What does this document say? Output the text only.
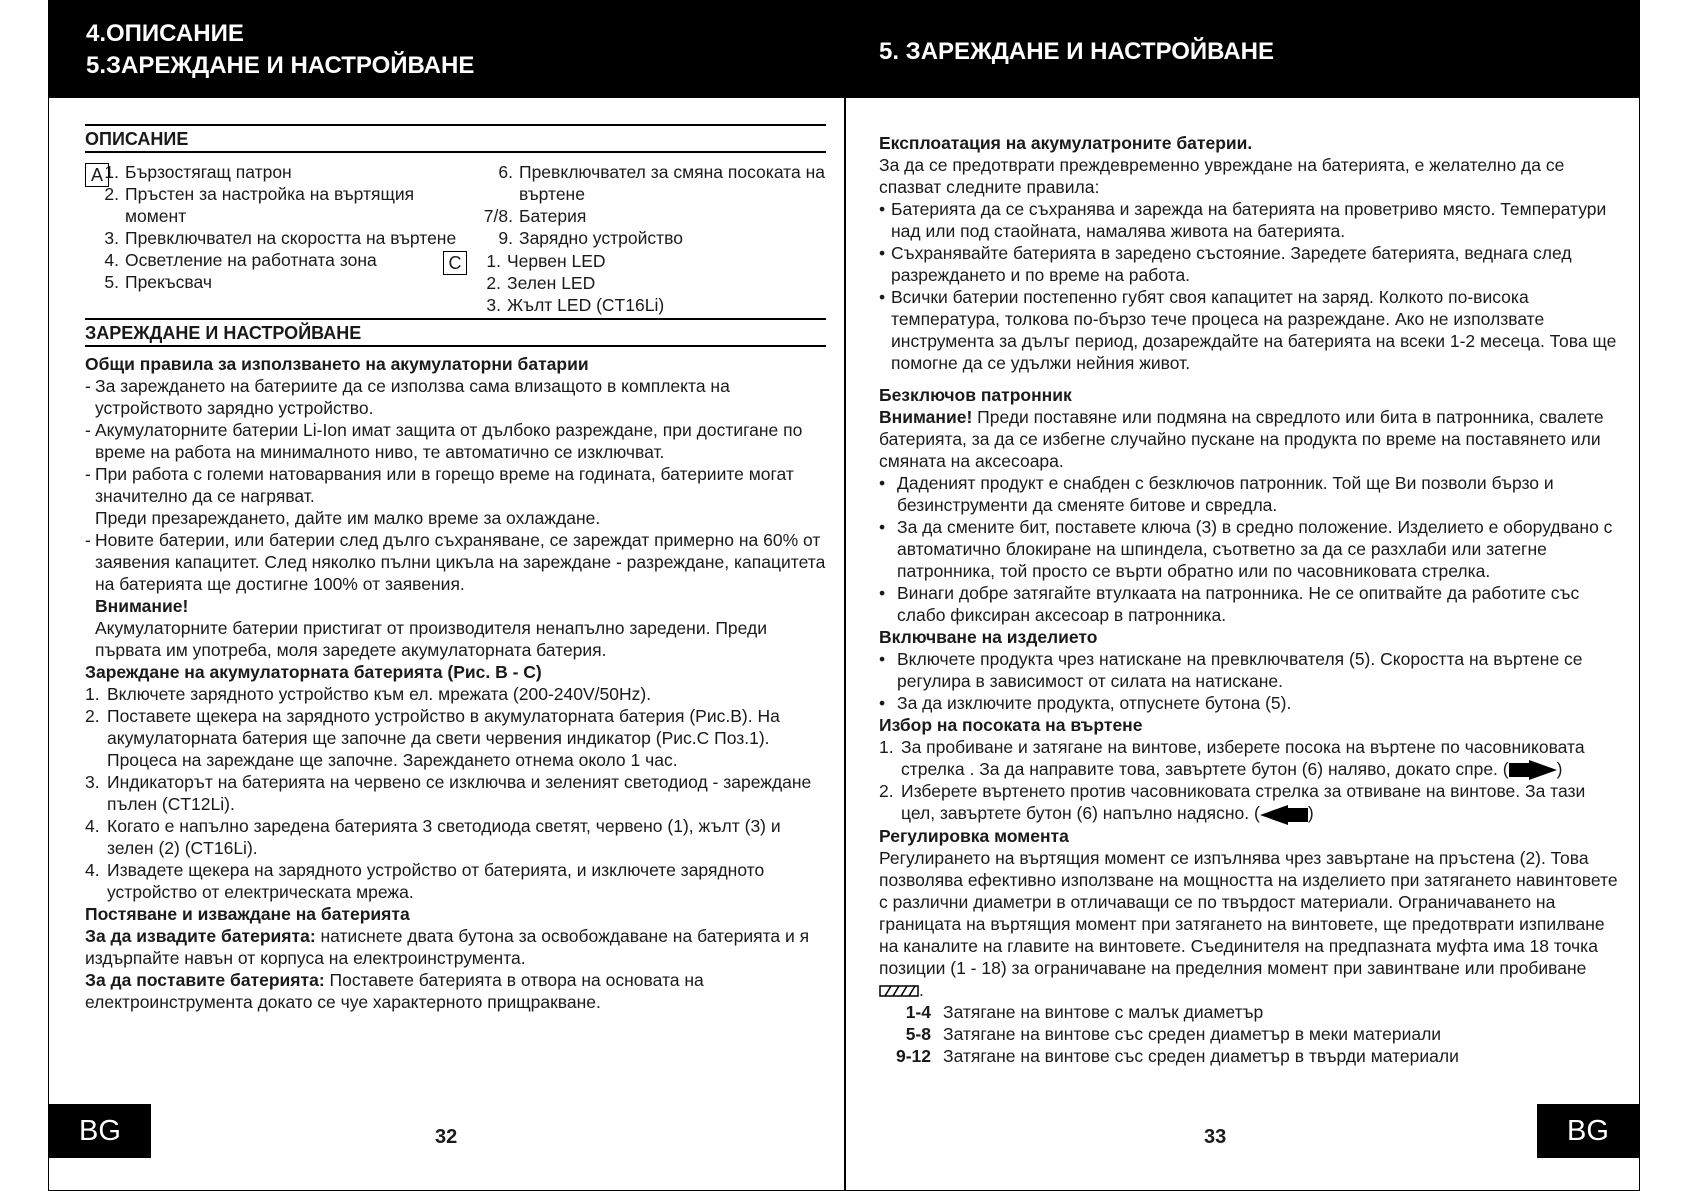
4.ОПИСАНИЕ
5.ЗАРЕЖДАНЕ И НАСТРОЙВАНЕ
ОПИСАНИЕ
A 1. Бързостягащ патрон
2. Пръстен за настройка на въртящия момент
3. Превключвател на скоростта на въртене
4. Осветление на работната зона
5. Прекъсвач
6. Превключвател за смяна посоката на въртене
7/8. Батерия
9. Зарядно устройство
C	1. Червен LED
2. Зелен LED
3. Жълт LED (CT16Li)
ЗАРЕЖДАНЕ И НАСТРОЙВАНЕ
Общи правила за използването на акумулаторни батарии
- За зареждането на батериите да се използва сама влизащото в комплекта на устройството зарядно устройство.
- Акумулаторните батерии Li-Ion имат защита от дълбоко разреждане, при достигане по време на работа на минималното ниво, те автоматично се изключват.
- При работа с големи натоварвания или в горещо време на годината, батериите могат значително да се нагряват.
Преди презареждането, дайте им малко време за охлаждане.
- Новите батерии, или батерии след дълго съхраняване, се зареждат примерно на 60% от заявения капацитет. След няколко пълни цикъла на зареждане - разреждане, капацитета на батерията ще достигне 100% от заявения.
Внимание!
Акумулаторните батерии пристигат от производителя ненапълно заредени. Преди първата им употреба, моля заредете акумулаторната батерия.
Зареждане на акумулаторната батерията (Рис. B - C)
1. Включете зарядното устройство към ел. мрежата (200-240V/50Hz).
2. Поставете щекера на зарядното устройство в акумулаторната батерия (Рис.B). На акумулаторната батерия ще започне да свети червения индикатор (Рис.C Поз.1). Процеса на зареждане ще започне. Зареждането отнема около 1 час.
3. Индикаторът на батерията на червено се изключва и зеленият светодиод - зареждане пълен (CT12Li).
4. Когато е напълно заредена батерията 3 светодиода светят, червено (1), жълт (3) и зелен (2) (CT16Li).
4. Извадете щекера на зарядното устройство от батерията, и изключете зарядното устройство от електрическата мрежа.
Постяване и изваждане на батерията
За да извадите батерията: натиснете двата бутона за освобождаване на батерията и я издърпайте навън от корпуса на електроинструмента.
За да поставите батерията: Поставете батерията в отвора на основата на електроинструмента докато се чуе характерното прищракване.
BG	32
5. ЗАРЕЖДАНЕ И НАСТРОЙВАНЕ
Експлоатация на акумулатроните батерии.
За да се предотврати преждевременно увреждане на батерията, е желателно да се спазват следните правила:
• Батерията да се съхранява и зарежда на батерията на проветриво място. Температури над или под стаойната, намалява живота на батерията.
• Съхранявайте батерията в заредено състояние. Заредете батерията, веднага след разреждането и по време на работа.
• Всички батерии постепенно губят своя капацитет на заряд. Колкото по-висока температура, толкова по-бързо тече процеса на разреждане. Ако не използвате инструмента за дълъг период, дозареждайте на батерията на всеки 1-2 месеца. Това ще помогне да се удължи нейния живот.
Безключов патронник
Внимание! Преди поставяне или подмяна на свредлото или бита в патронника, свалете батерията, за да се избегне случайно пускане на продукта по време на поставянето или смяната на аксесоара.
• Даденият продукт е снабден с безключов патронник. Той ще Ви позволи бързо и безинструменти да сменяте битове и свредла.
• За да смените бит, поставете ключа (3) в средно положение. Изделието е оборудвано с автоматично блокиране на шпиндела, съответно за да се разхлаби или затегне патронника, той просто се върти обратно или по часовниковата стрелка.
• Винаги добре затягайте втулкаата на патронника. Не се опитвайте да работите със слабо фиксиран аксесоар в патронника.
Включване на изделието
• Включете продукта чрез натискане на превключвателя (5). Скоростта на въртене се регулира в зависимост от силата на натискане.
• За да изключите продукта, отпуснете бутона (5).
Избор на посоката на въртене
1. За пробиване и затягане на винтове, изберете посока на въртене по часовниковата стрелка . За да направите това, завъртете бутон (6) наляво, докато спре. (	)
2. Изберете въртенето против часовниковата стрелка за отвиване на винтове. За тази цел, завъртете бутон (6) напълно надясно. (	)
Регулировка момента
Регулирането на въртящия момент се изпълнява чрез завъртане на пръстена (2). Това позволява ефективно използване на мощността на изделието при затягането навинтовете с различни диаметри в отличаващи се по твърдост материали. Ограничаването на границата на въртящия момент при затягането на винтовете, ще предотврати изпилване на каналите на главите на винтовете. Съединителя на предпазната муфта има 18 точка позиции (1 - 18) за ограничаване на пределния момент при завинтване или пробиване .
1-4 Затягане на винтове с малък диаметър
5-8 Затягане на винтове със среден диаметър в меки материали
9-12 Затягане на винтове със среден диаметър в твърди материали
BG
33
